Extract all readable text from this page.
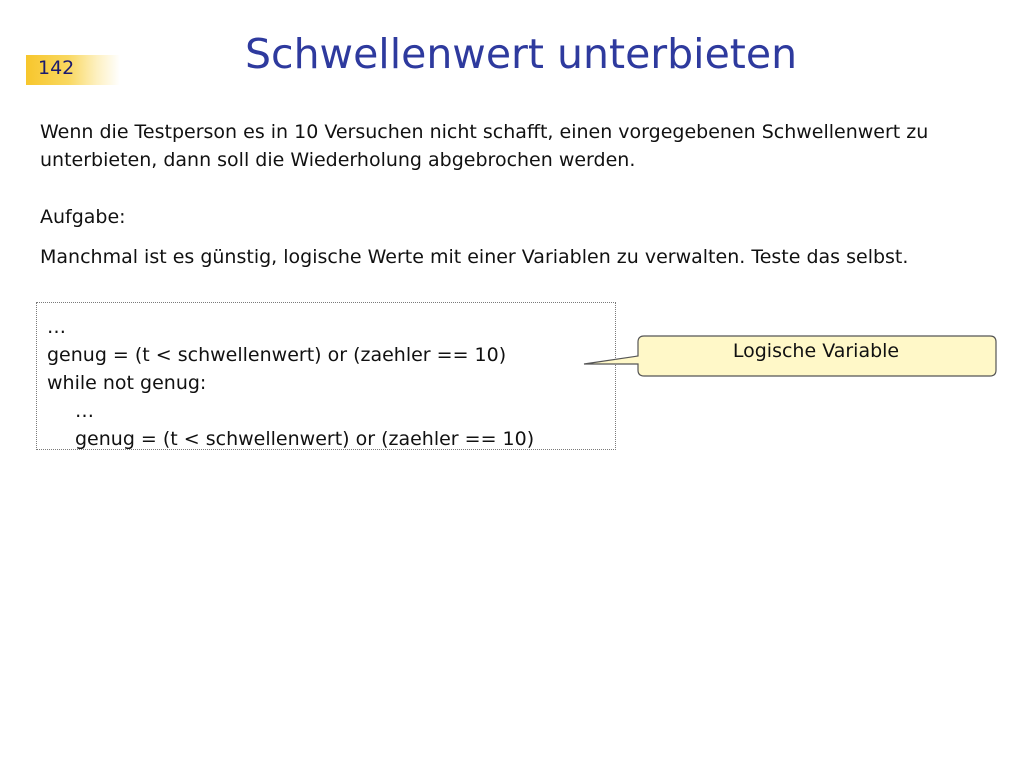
142	Schwellenwert unterbieten
Wenn die Testperson es in 10 Versuchen nicht schafft, einen vorgegebenen Schwellenwert zu unterbieten, dann soll die Wiederholung abgebrochen werden.
Aufgabe:
Manchmal ist es günstig, logische Werte mit einer Variablen zu verwalten. Teste das selbst.
…
genug = (t < schwellenwert) or (zaehler == 10)
while not genug:
…
genug = (t < schwellenwert) or (zaehler == 10)
Logische Variable
